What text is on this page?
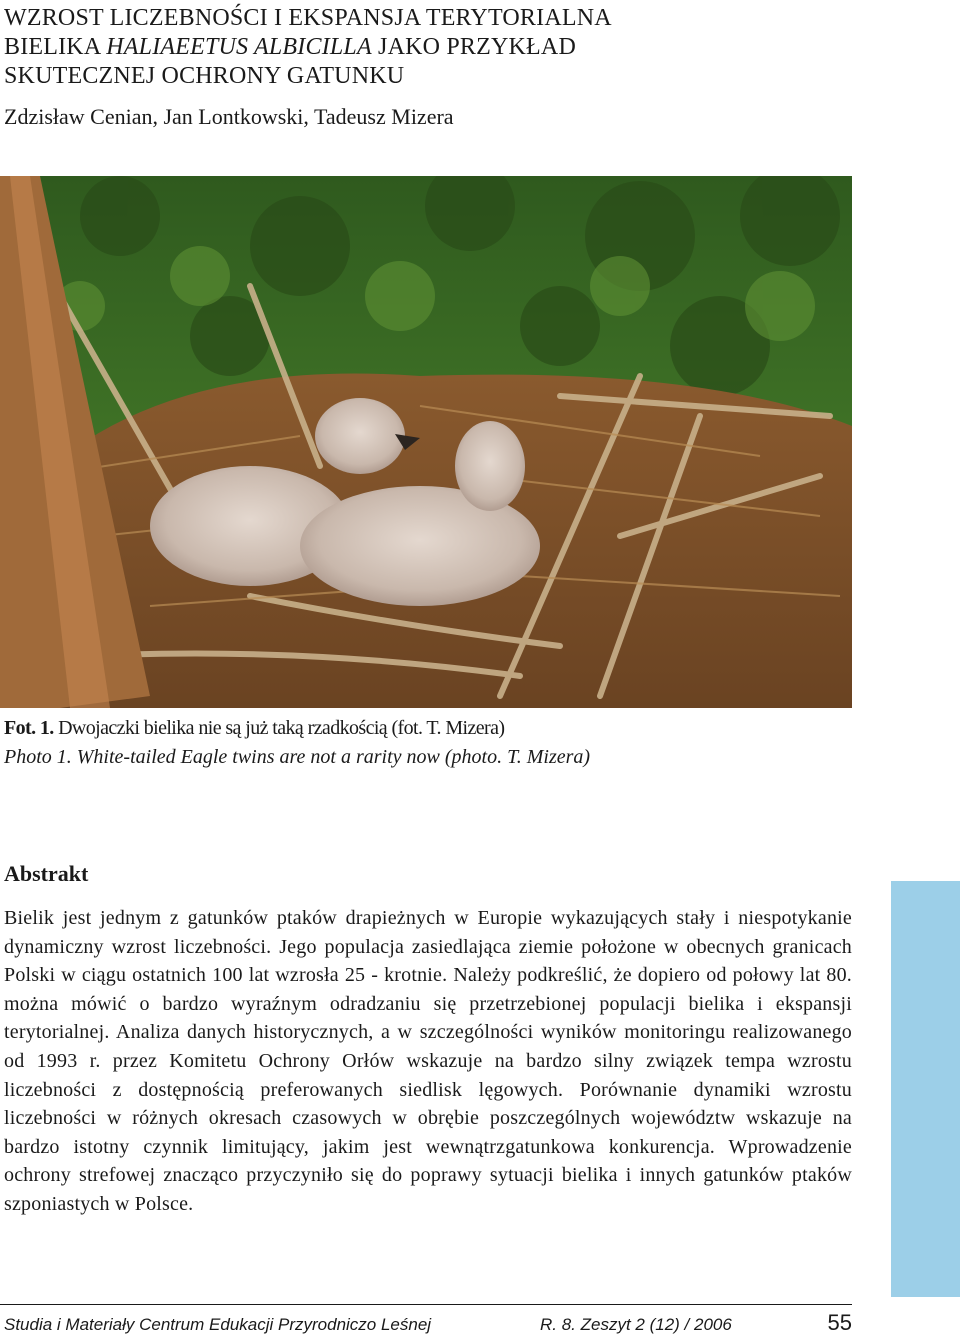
WZROST LICZEBNOŚCI I EKSPANSJA TERYTORIALNA
BIELIKA HALIAEETUS ALBICILLA JAKO PRZYKŁAD
SKUTECZNEJ OCHRONY GATUNKU
Zdzisław Cenian, Jan Lontkowski, Tadeusz Mizera
Fot. 1. Dwojaczki bielika nie są już taką rzadkością (fot. T. Mizera)
Photo 1. White-tailed Eagle twins are not a rarity now (photo. T. Mizera)
Abstrakt

Bielik jest jednym z gatunków ptaków drapieżnych w Europie wykazujących stały i niespotykanie dynamiczny wzrost liczebności. Jego populacja zasiedlająca ziemie położone w obecnych granicach Polski w ciągu ostatnich 100 lat wzrosła 25 - krotnie. Należy podkreślić, że dopiero od połowy lat 80. można mówić o bardzo wyraźnym odradzaniu się przetrzebionej populacji bielika i ekspansji terytorialnej. Analiza danych historycznych, a w szczególności wyników monitoringu realizowanego od 1993 r. przez Komitetu Ochrony Orłów wskazuje na bardzo silny związek tempa wzrostu liczebności z dostępnością preferowanych siedlisk lęgowych. Porównanie dynamiki wzrostu liczebności w różnych okresach czasowych w obrębie poszczególnych województw wskazuje na bardzo istotny czynnik limitujący, jakim jest wewnątrzgatunkowa konkurencja. Wprowadzenie ochrony strefowej znacząco przyczyniło się do poprawy sytuacji bielika i innych gatunków ptaków szponiastych w Polsce.

Studia i Materiały Centrum Edukacji Przyrodniczo Leśnej	R. 8. Zeszyt 2 (12) / 2006	55
